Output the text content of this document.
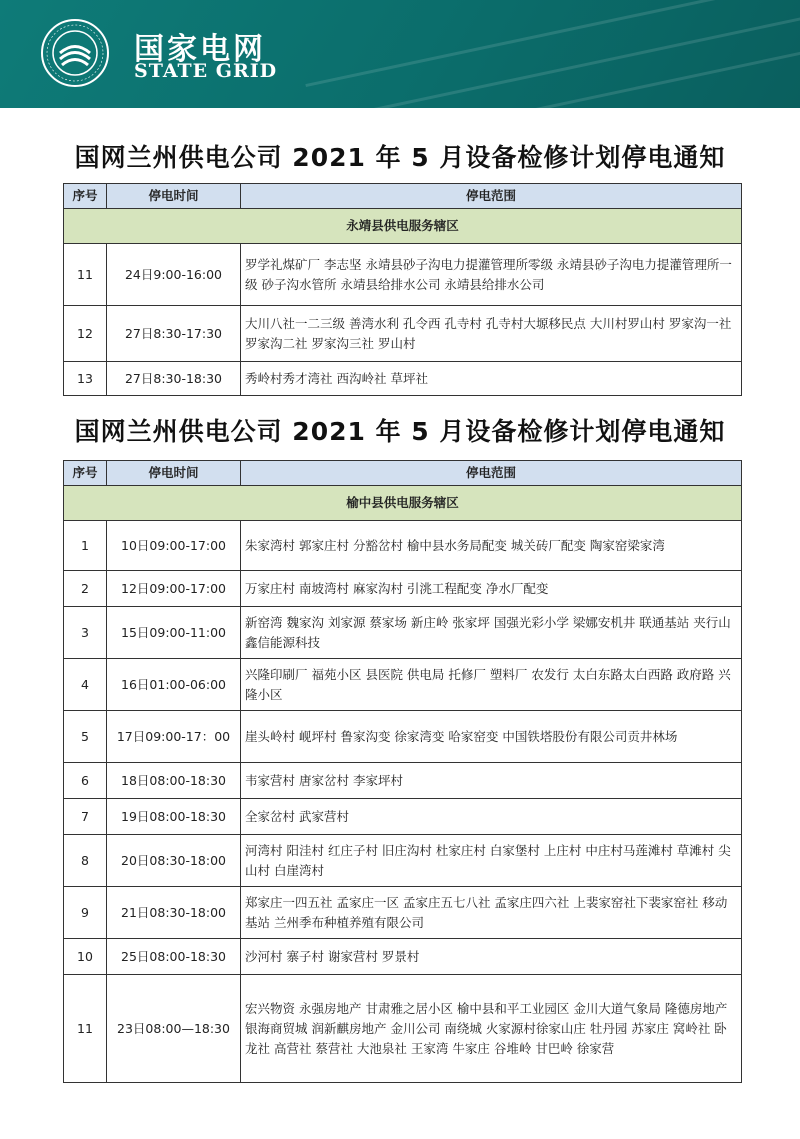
国家电网
STATE GRID
国网兰州供电公司 2021 年 5 月设备检修计划停电通知
序号	停电时间	停电范围
永靖县供电服务辖区		
11	24日9:00-16:00	罗学礼煤矿厂 李志坚 永靖县砂子沟电力提灌管理所零级 永靖县砂子沟电力提灌管理所一级 砂子沟水管所 永靖县给排水公司 永靖县给排水公司

12	27日8:30-17:30	大川八社一二三级 善湾水利 孔令西 孔寺村 孔寺村大塬移民点 大川村罗山村 罗家沟一社 罗家沟二社 罗家沟三社 罗山村
13	27日8:30-18:30	秀岭村秀才湾社 西沟岭社 草坪社
国网兰州供电公司 2021 年 5 月设备检修计划停电通知
序号	停电时间	停电范围
榆中县供电服务辖区		
1	10日09:00-17:00	朱家湾村 郭家庄村 分豁岔村 榆中县水务局配变 城关砖厂配变 陶家窑梁家湾
2	12日09:00-17:00	万家庄村 南坡湾村 麻家沟村 引洮工程配变 净水厂配变
3	15日09:00-11:00	新窑湾 魏家沟 刘家源 蔡家场 新庄岭 张家坪 国强光彩小学 梁娜安机井 联通基站 夹行山 鑫信能源科技
4	16日01:00-06:00	兴隆印刷厂 福苑小区 县医院 供电局 托修厂 塑料厂 农发行 太白东路太白西路 政府路 兴隆小区
5	17日09:00-17：00	崖头岭村 岘坪村 鲁家沟变 徐家湾变 哈家窑变 中国铁塔股份有限公司贡井林场
6	18日08:00-18:30	韦家营村 唐家岔村 李家坪村
7	19日08:00-18:30	全家岔村 武家营村
8	20日08:30-18:00	河湾村 阳洼村 红庄子村 旧庄沟村 杜家庄村 白家堡村 上庄村 中庄村马莲滩村 草滩村 尖山村 白崖湾村
9	21日08:30-18:00	郑家庄一四五社 孟家庄一区 孟家庄五七八社 孟家庄四六社 上裴家窑社下裴家窑社 移动基站 兰州季布种植养殖有限公司
10	25日08:00-18:30	沙河村 寨子村 谢家营村 罗景村
11	23日08:00—18:30	宏兴物资 永强房地产 甘肃雅之居小区 榆中县和平工业园区 金川大道气象局 隆德房地产 银海商贸城 润新麒房地产 金川公司 南绕城 火家源村徐家山庄 牡丹园 苏家庄 窝岭社 卧龙社 高营社 蔡营社 大池泉社 王家湾 牛家庄 谷堆岭 甘巴岭 徐家营
